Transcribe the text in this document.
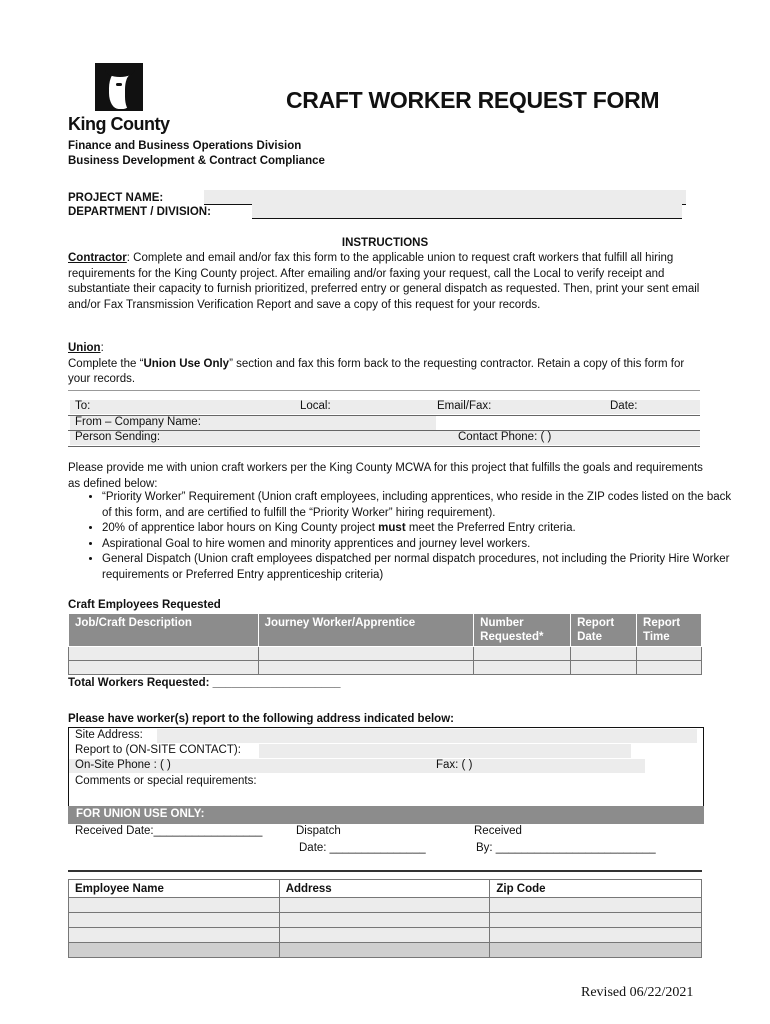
King County
CRAFT WORKER REQUEST FORM
Finance and Business Operations Division
Business Development & Contract Compliance
PROJECT NAME:
DEPARTMENT / DIVISION:
INSTRUCTIONS

Contractor: Complete and email and/or fax this form to the applicable union to request craft workers that fulfill all hiring requirements for the King County project. After emailing and/or faxing your request, call the Local to verify receipt and substantiate their capacity to furnish prioritized, preferred entry or general dispatch as requested. Then, print your sent email and/or Fax Transmission Verification Report and save a copy of this request for your records.

Union:

Complete the “Union Use Only” section and fax this form back to the requesting contractor. Retain a copy of this form for your records.

To:	Local:	Email/Fax:	Date:
From – Company Name:
Person Sending:	Contact Phone: ( )
Please provide me with union craft workers per the King County MCWA for this project that fulfills the goals and requirements as defined below:
• “Priority Worker” Requirement (Union craft employees, including apprentices, who reside in the ZIP codes listed on the back of this form, and are certified to fulfill the “Priority Worker” hiring requirement).
• 20% of apprentice labor hours on King County project must meet the Preferred Entry criteria.
• Aspirational Goal to hire women and minority apprentices and journey level workers.
• General Dispatch (Union craft employees dispatched per normal dispatch procedures, not including the Priority Hire Worker requirements or Preferred Entry apprenticeship criteria)
Craft Employees Requested
Job/Craft Description	Journey Worker/Apprentice	Number Requested*	Report Date	Report Time

Total Workers Requested: ____________________
Please have worker(s) report to the following address indicated below:
Site Address:
Report to (ON-SITE CONTACT):
On-Site Phone : ( )	Fax: ( )
Comments or special requirements:
FOR UNION USE ONLY:
Received Date:_________________	Dispatch
Date: _______________
Received
By: _________________________
Employee Name	Address	Zip Code

Revised 06/22/2021
